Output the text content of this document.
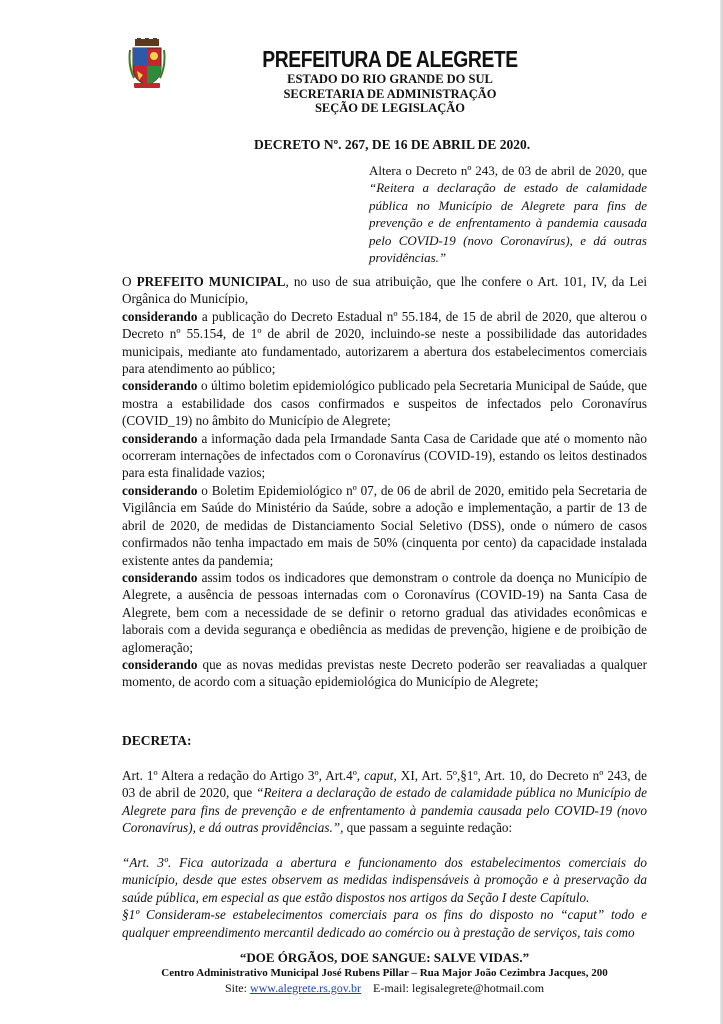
PREFEITURA DE ALEGRETE
ESTADO DO RIO GRANDE DO SUL
SECRETARIA DE ADMINISTRAÇÃO
SEÇÃO DE LEGISLAÇÃO
DECRETO Nº. 267, DE 16 DE ABRIL DE 2020.
Altera o Decreto nº 243, de 03 de abril de 2020, que “Reitera a declaração de estado de calamidade pública no Município de Alegrete para fins de prevenção e de enfrentamento à pandemia causada pelo COVID-19 (novo Coronavírus), e dá outras providências.”

O PREFEITO MUNICIPAL, no uso de sua atribuição, que lhe confere o Art. 101, IV, da Lei Orgânica do Município,

considerando a publicação do Decreto Estadual nº 55.184, de 15 de abril de 2020, que alterou o Decreto nº 55.154, de 1º de abril de 2020, incluindo-se neste a possibilidade das autoridades municipais, mediante ato fundamentado, autorizarem a abertura dos estabelecimentos comerciais para atendimento ao público;

considerando o último boletim epidemiológico publicado pela Secretaria Municipal de Saúde, que mostra a estabilidade dos casos confirmados e suspeitos de infectados pelo Coronavírus (COVID_19) no âmbito do Município de Alegrete;

considerando a informação dada pela Irmandade Santa Casa de Caridade que até o momento não ocorreram internações de infectados com o Coronavírus (COVID-19), estando os leitos destinados para esta finalidade vazios;

considerando o Boletim Epidemiológico nº 07, de 06 de abril de 2020, emitido pela Secretaria de Vigilância em Saúde do Ministério da Saúde, sobre a adoção e implementação, a partir de 13 de abril de 2020, de medidas de Distanciamento Social Seletivo (DSS), onde o número de casos confirmados não tenha impactado em mais de 50% (cinquenta por cento) da capacidade instalada existente antes da pandemia;

considerando assim todos os indicadores que demonstram o controle da doença no Município de Alegrete, a ausência de pessoas internadas com o Coronavírus (COVID-19) na Santa Casa de Alegrete, bem com a necessidade de se definir o retorno gradual das atividades econômicas e laborais com a devida segurança e obediência as medidas de prevenção, higiene e de proibição de aglomeração;

considerando que as novas medidas previstas neste Decreto poderão ser reavaliadas a qualquer momento, de acordo com a situação epidemiológica do Município de Alegrete;

DECRETA:

Art. 1º Altera a redação do Artigo 3º, Art.4º, caput, XI, Art. 5º,§1º, Art. 10, do Decreto nº 243, de 03 de abril de 2020, que “Reitera a declaração de estado de calamidade pública no Município de Alegrete para fins de prevenção e de enfrentamento à pandemia causada pelo COVID-19 (novo Coronavírus), e dá outras providências.”, que passam a seguinte redação:

“Art. 3º. Fica autorizada a abertura e funcionamento dos estabelecimentos comerciais do município, desde que estes observem as medidas indispensáveis à promoção e à preservação da saúde pública, em especial as que estão dispostos nos artigos da Seção I deste Capítulo.

§1º Consideram-se estabelecimentos comerciais para os fins do disposto no “caput” todo e qualquer empreendimento mercantil dedicado ao comércio ou à prestação de serviços, tais como

“DOE ÓRGÃOS, DOE SANGUE: SALVE VIDAS.”
Centro Administrativo Municipal José Rubens Pillar – Rua Major João Cezimbra Jacques, 200
Site: www.alegrete.rs.gov.br E-mail: legisalegrete@hotmail.com
